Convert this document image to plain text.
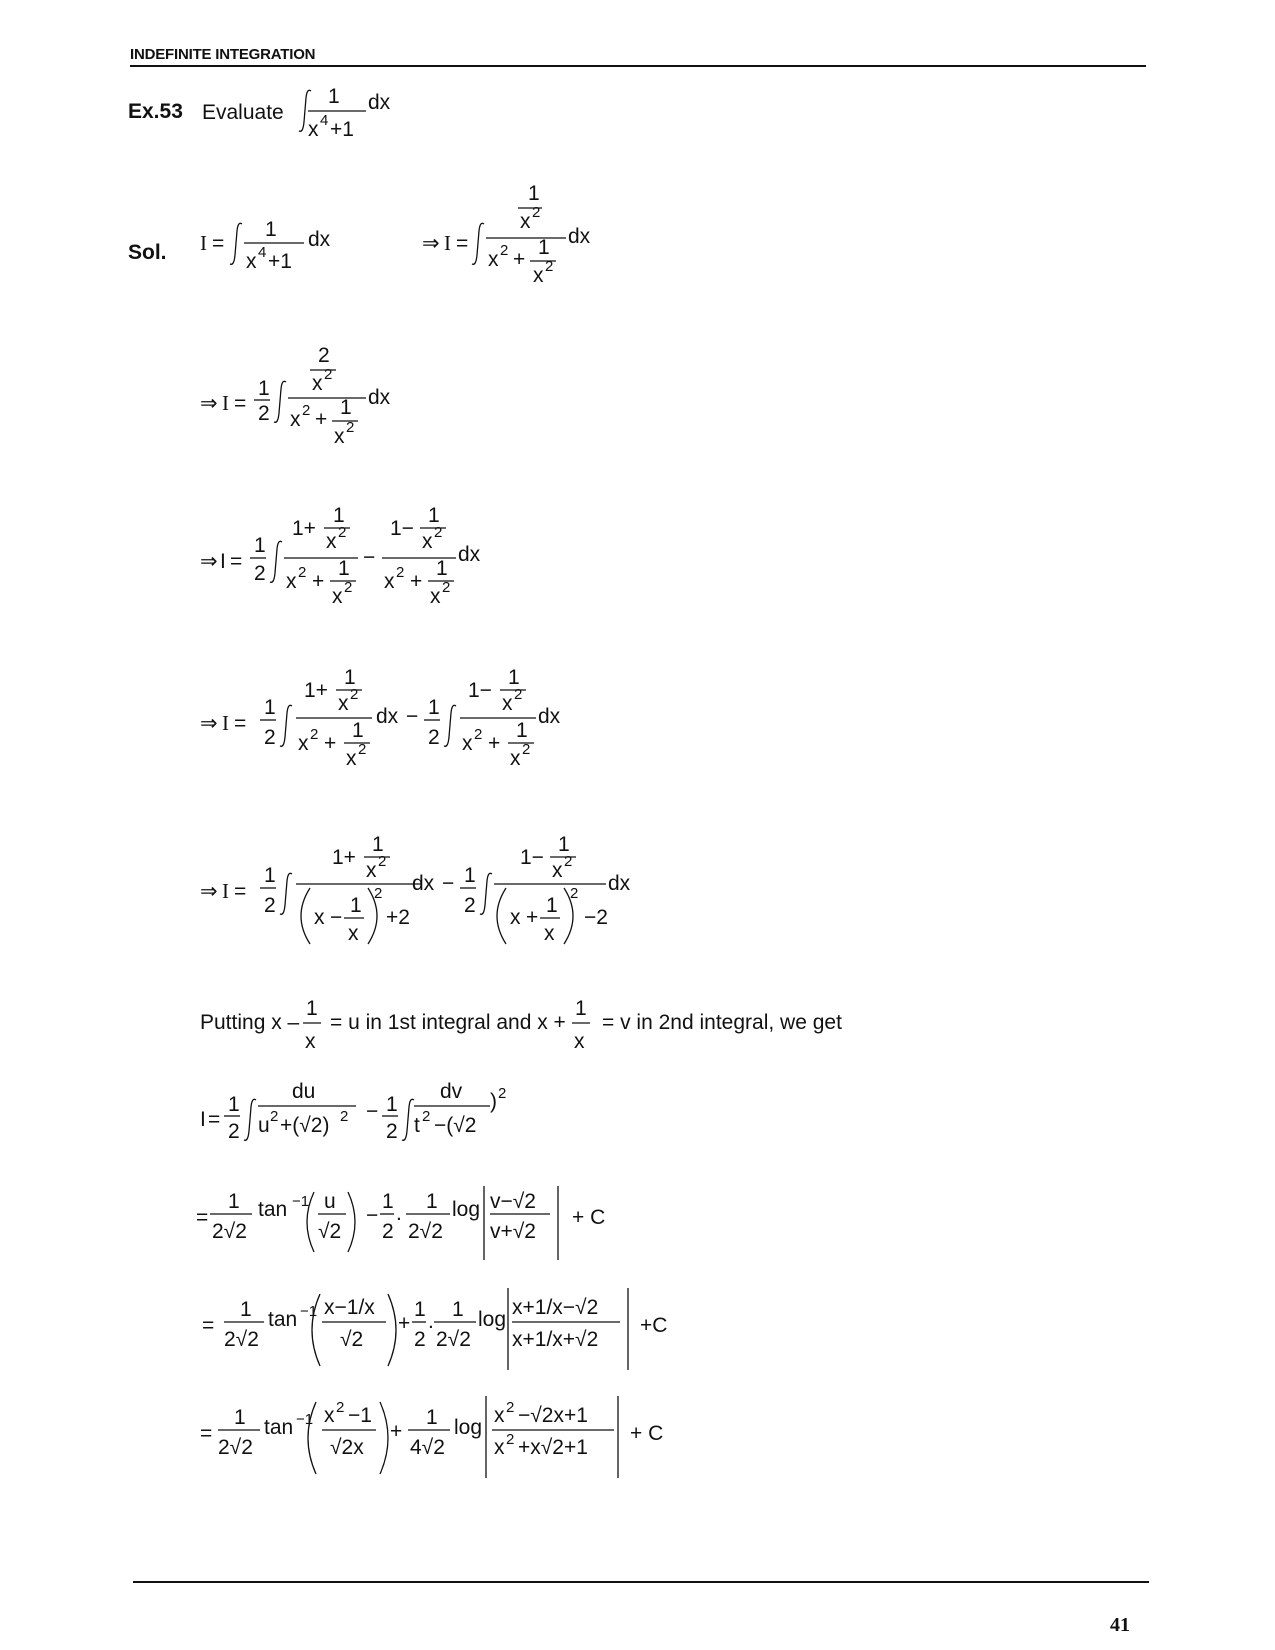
INDEFINITE INTEGRATION
Ex.53 Evaluate
1
x 4 +1
dx
Sol. I =
1
x 4 +1
dx	⇒ I =
1
x 2
x 2 +
1
x 2
dx
⇒ I =
1
2
2
x 2
x 2 +
1
x 2
dx
⇒ I =
1
2
1+
1
x 2
x 2 +
1
x 2
−
1−
1
x 2
x 2 +
1
x 2
dx
⇒ I =
1
2
1+
1
x 2
x 2 +
1
x 2
dx − 1
2
1−
1
x 2
x 2 +
1
x 2
dx
⇒ I =
1
2
1+
1
x 2
x −
1
x
2
+2
dx − 1
2
1−
1
x 2
x +
1
x
2
−2
dx
Putting x –
1
x
= u in 1st integral and x +
1
x
= v in 2nd integral, we get
I =
1
2
du
u 2 +(√2) 2 − 1
2
dv
t 2 −(√2
) 2
=
1
2√2
tan −1 u
√2
−
1
2
.
1
2√2
log v−√2
v+√2
+ C
=
1
2√2
tan −1 x−1/x
√2
+
1
2
.
1
2√2
log
x+1/x−√2
x+1/x+√2
+C
=
1
2√2
tan −1 x 2 −1
√2x
+
1
4√2
log
x 2 −√2x+1
x 2 +x√2+1
+ C
41
